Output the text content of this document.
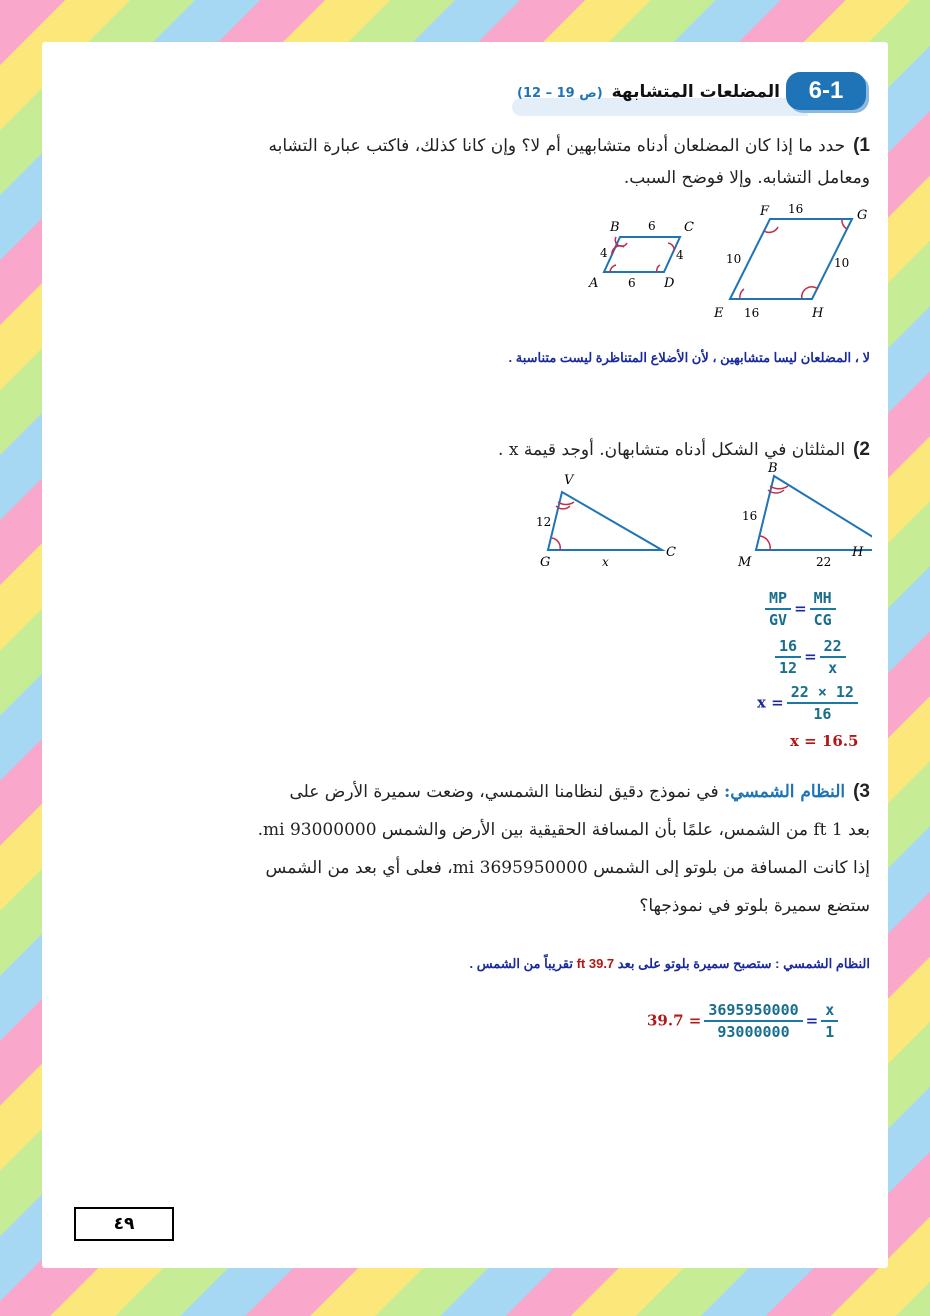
6-1
المضلعات المتشابهة
(ص 19 – 12)
1)حدد ما إذا كان المضلعان أدناه متشابهين أم لا؟ وإن كانا كذلك، فاكتب عبارة التشابه
ومعامل التشابه. وإلا فوضح السبب.
B	C
A	D
6
6
4	4
F	G
E	H
16
16
10	10
لا ، المضلعان ليسا متشابهين ، لأن الأضلاع المتناظرة ليست متناسبة .
2)المثلثان في الشكل أدناه متشابهان. أوجد قيمة x .
V
G
C
12
x
B
M
H
16
22
$\frac{MP}{GV} = \frac{MH}{CG}$
$\frac{16}{12} = \frac{22}{x}$
$x = \frac{22 \times 12}{16}$
x = 16.5
3)النظام الشمسي: في نموذج دقيق لنظامنا الشمسي، وضعت سميرة الأرض على
بعد 1 ft من الشمس، علمًا بأن المسافة الحقيقية بين الأرض والشمس 93000000 mi.
إذا كانت المسافة من بلوتو إلى الشمس 3695950000 mi، فعلى أي بعد من الشمس
ستضع سميرة بلوتو في نموذجها؟
النظام الشمسي : ستصبح سميرة بلوتو على بعد 39.7 ft تقريباً من الشمس .
$39.7 = \frac{3695950000}{93000000} = \frac{x}{1}$
٤٩
